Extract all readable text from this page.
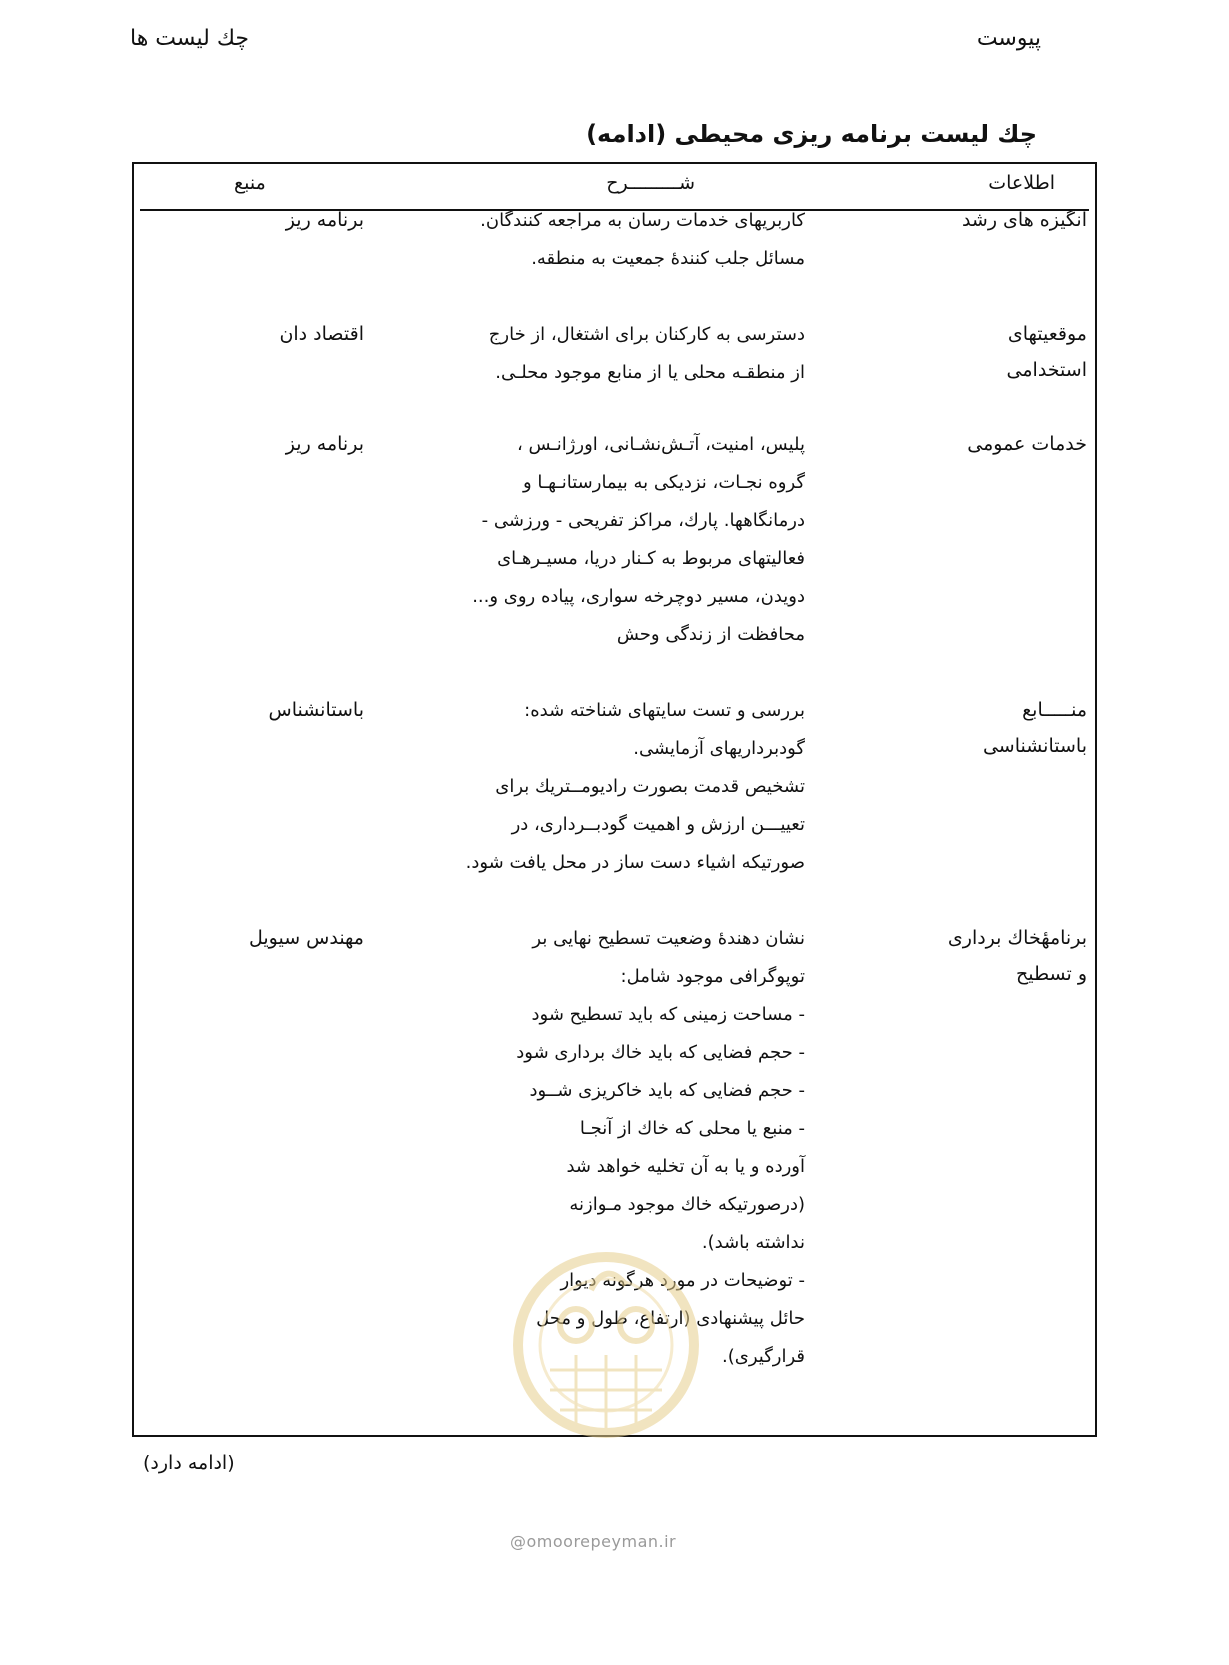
پیوست
چك لیست ها
چك لیست برنامه ریزی محیطی (ادامه)
اطلاعات
شـــــــــرح
منبع
انگیزه های رشد
کاربریهای خدمات رسان به مراجعه کنندگان.
مسائل جلب کنندهٔ جمعیت به منطقه.
برنامه ریز
موقعیتهای
استخدامی
دسترسی به کارکنان برای اشتغال، از خارج
از منطقـه محلی یا از منابع موجود محلـی.
اقتصاد دان
خدمات عمومی
پلیس، امنیت، آتـش‌نشـانی، اورژانـس ،
گروه نجـات، نزدیکی به بیمارستانـهـا و
درمانگاهها. پارك، مراکز تفریحی - ورزشی -
فعالیتهای مربوط به کـنار دریا، مسیـرهـای
دویدن، مسیر دوچرخه سواری، پیاده روی و...
محافظت از زندگی وحش
برنامه ریز
منـــــابع
باستانشناسی
بررسی و تست سایتهای شناخته شده:
گودبرداریهای آزمایشی.
تشخیص قدمت بصورت رادیومــتریك برای
تعییـــن ارزش و اهمیت گودبــرداری، در
صورتیکه اشیاء دست ساز در محل یافت شود.
باستانشناس
برنامهٔخاك برداری
و تسطیح
نشان دهندهٔ وضعیت تسطیح نهایی بر
توپوگرافی موجود شامل:
- مساحت زمینی که باید تسطیح شود
- حجم فضایی که باید خاك برداری شود
- حجم فضایی که باید خاکریزی شــود
- منبع یا محلی که خاك از آنجـا
آورده و یا به آن تخلیه خواهد شد
(درصورتیکه خاك موجود مـوازنه
نداشته باشد).
- توضیحات در مورد هرگونه دیوار
حائل پیشنهادی (ارتفاع، طول و محل
قرارگیری).
مهندس سیویل
(ادامه دارد)
@omoorepeyman.ir
